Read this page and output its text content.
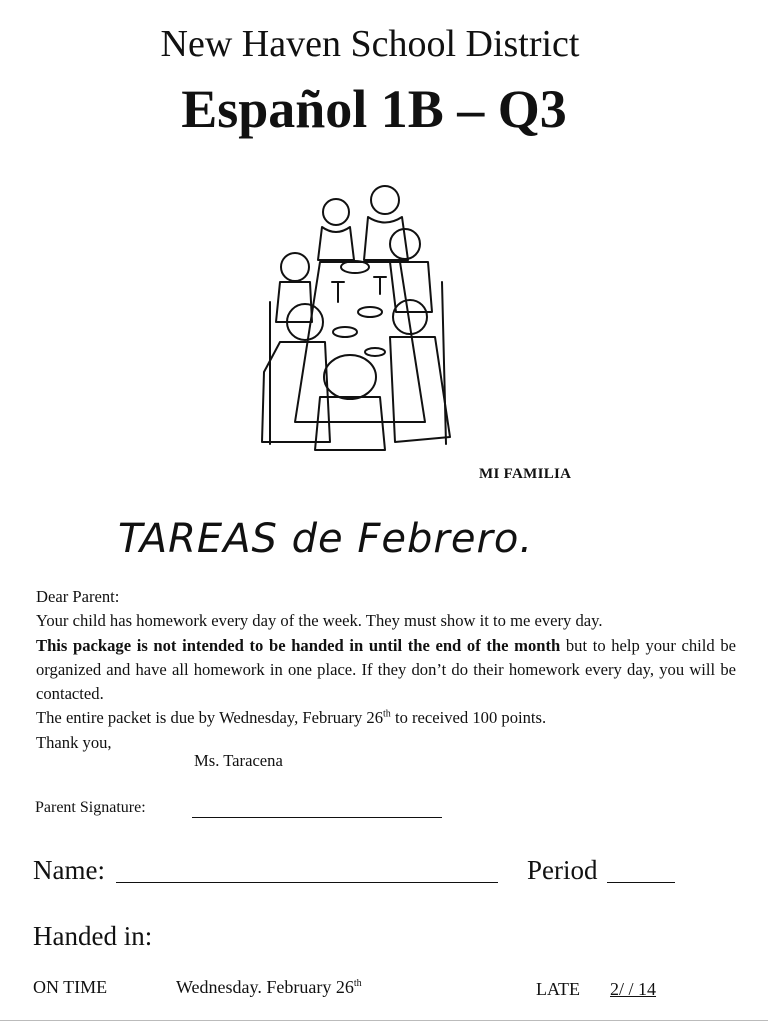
New Haven School District
Español 1B – Q3
MI FAMILIA
TAREAS de Febrero.
Dear Parent:

Your child has homework every day of the week. They must show it to me every day.

This package is not intended to be handed in until the end of the month but to help your child be organized and have all homework in one place. If they don’t do their homework every day, you will be contacted.

The entire packet is due by Wednesday, February 26th to received 100 points.
Thank you,
Ms. Taracena
Parent Signature:
Name:	Period
Handed in:
ON TIME	Wednesday. February 26th	LATE 2/ / 14
